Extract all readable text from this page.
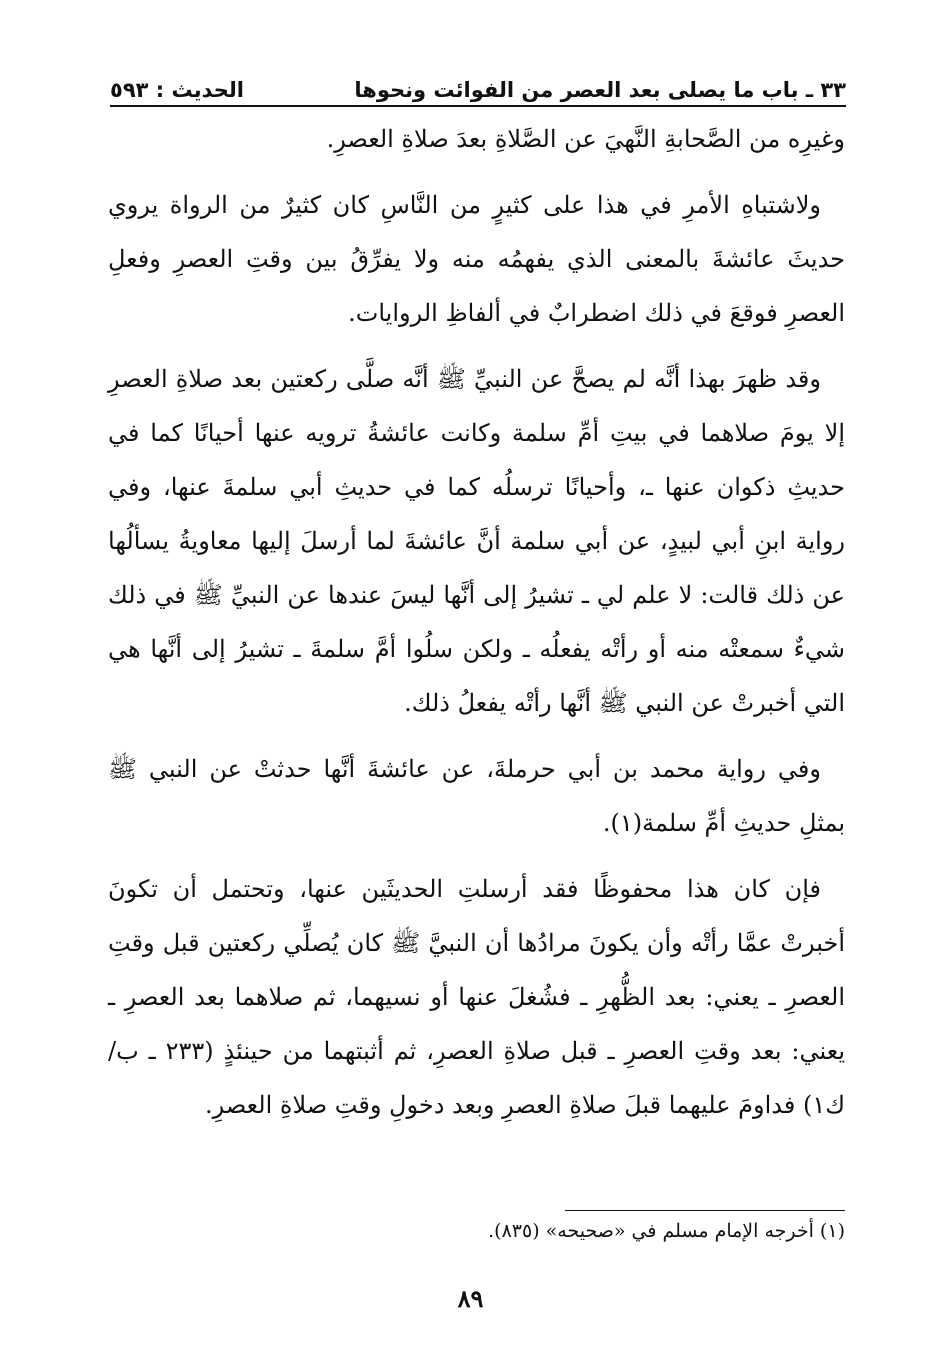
٣٣ ـ باب ما يصلى بعد العصر من الفوائت ونحوها
الحديث : ٥٩٣

وغيرِه من الصَّحابةِ النَّهيَ عن الصَّلاةِ بعدَ صلاةِ العصرِ.

ولاشتباهِ الأمرِ في هذا على كثيرٍ من النَّاسِ كان كثيرٌ من الرواة يروي حديثَ عائشةَ بالمعنى الذي يفهمُه منه ولا يفرِّقُ بين وقتِ العصرِ وفعلِ العصرِ فوقعَ في ذلك اضطرابٌ في ألفاظِ الروايات.

وقد ظهرَ بهذا أنَّه لم يصحَّ عن النبيِّ ﷺ أنَّه صلَّى ركعتين بعد صلاةِ العصرِ إلا يومَ صلاهما في بيتِ أمِّ سلمة وكانت عائشةُ ترويه عنها أحيانًا كما في حديثِ ذكوان عنها ـ، وأحيانًا ترسلُه كما في حديثِ أبي سلمةَ عنها، وفي رواية ابنِ أبي لبيدٍ، عن أبي سلمة أنَّ عائشةَ لما أرسلَ إليها معاويةُ يسألُها عن ذلك قالت: لا علم لي ـ تشيرُ إلى أنَّها ليسَ عندها عن النبيِّ ﷺ في ذلك شيءٌ سمعتْه منه أو رأتْه يفعلُه ـ ولكن سلُوا أمَّ سلمةَ ـ تشيرُ إلى أنَّها هي التي أخبرتْ عن النبي ﷺ أنَّها رأتْه يفعلُ ذلك.

وفي رواية محمد بن أبي حرملةَ، عن عائشةَ أنَّها حدثتْ عن النبي ﷺ بمثلِ حديثِ أمِّ سلمة(١).

فإن كان هذا محفوظًا فقد أرسلتِ الحديثَين عنها، وتحتمل أن تكونَ أخبرتْ عمَّا رأتْه وأن يكونَ مرادُها أن النبيَّ ﷺ كان يُصلِّي ركعتين قبل وقتِ العصرِ ـ يعني: بعد الظُّهرِ ـ فشُغلَ عنها أو نسيهما، ثم صلاهما بعد العصرِ ـ يعني: بعد وقتِ العصرِ ـ قبل صلاةِ العصرِ، ثم أثبتهما من حينئذٍ (٢٣٣ ـ ب/ك١) فداومَ عليهما قبلَ صلاةِ العصرِ وبعد دخولِ وقتِ صلاةِ العصرِ.

(١) أخرجه الإمام مسلم في «صحيحه» (٨٣٥).
٨٩
